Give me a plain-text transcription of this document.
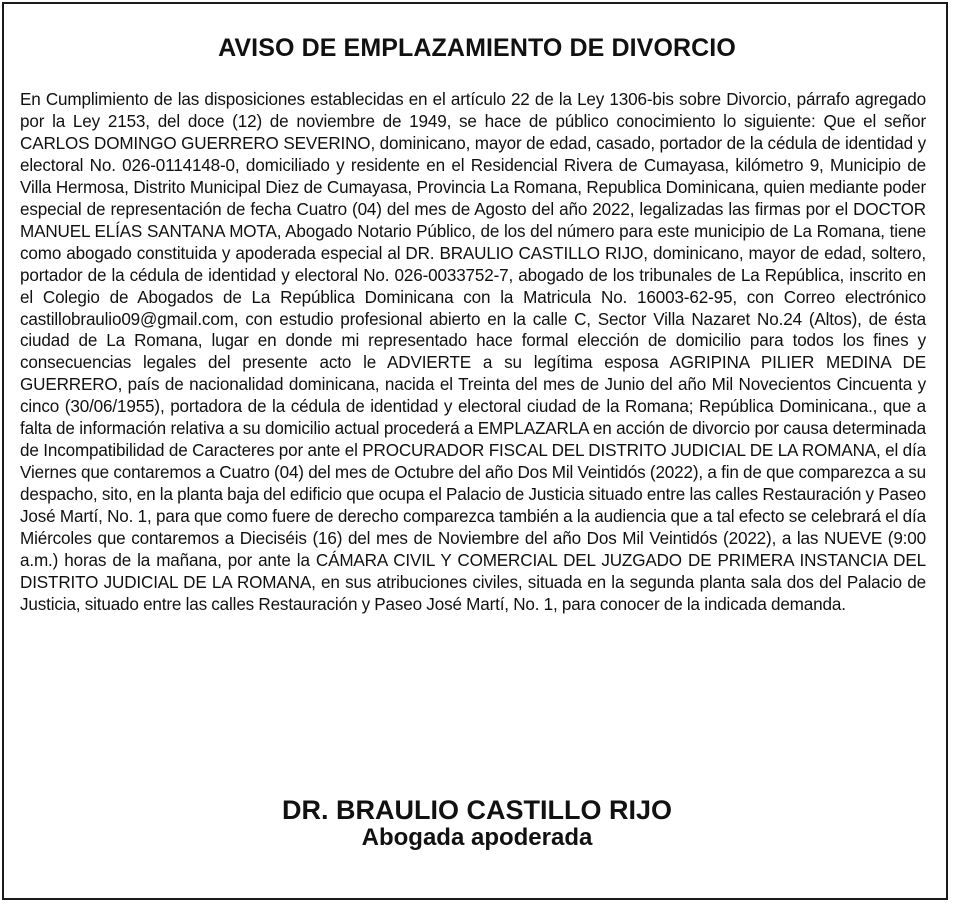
AVISO DE EMPLAZAMIENTO DE DIVORCIO

En Cumplimiento de las disposiciones establecidas en el artículo 22 de la Ley 1306-bis sobre Divorcio, párrafo agregado por la Ley 2153, del doce (12) de noviembre de 1949, se hace de público conocimiento lo siguiente: Que el señor CARLOS DOMINGO GUERRERO SEVERINO, dominicano, mayor de edad, casado, portador de la cédula de identidad y electoral No. 026-0114148-0, domiciliado y residente en el Residencial Rivera de Cumayasa, kilómetro 9, Municipio de Villa Hermosa, Distrito Municipal Diez de Cumayasa, Provincia La Romana, Republica Dominicana, quien mediante poder especial de representación de fecha Cuatro (04) del mes de Agosto del año 2022, legalizadas las firmas por el DOCTOR MANUEL ELÍAS SANTANA MOTA, Abogado Notario Público, de los del número para este municipio de La Romana, tiene como abogado constituida y apoderada especial al DR. BRAULIO CASTILLO RIJO, dominicano, mayor de edad, soltero, portador de la cédula de identidad y electoral No. 026-0033752-7, abogado de los tribunales de La República, inscrito en el Colegio de Abogados de La República Dominicana con la Matricula No. 16003-62-95, con Correo electrónico castillobraulio09@gmail.com, con estudio profesional abierto en la calle C, Sector Villa Nazaret No.24 (Altos), de ésta ciudad de La Romana, lugar en donde mi representado hace formal elección de domicilio para todos los fines y consecuencias legales del presente acto le ADVIERTE a su legítima esposa AGRIPINA PILIER MEDINA DE GUERRERO, país de nacionalidad dominicana, nacida el Treinta del mes de Junio del año Mil Novecientos Cincuenta y cinco (30/06/1955), portadora de la cédula de identidad y electoral ciudad de la Romana; República Dominicana., que a falta de información relativa a su domicilio actual procederá a EMPLAZARLA en acción de divorcio por causa determinada de Incompatibilidad de Caracteres por ante el PROCURADOR FISCAL DEL DISTRITO JUDICIAL DE LA ROMANA, el día Viernes que contaremos a Cuatro (04) del mes de Octubre del año Dos Mil Veintidós (2022), a fin de que comparezca a su despacho, sito, en la planta baja del edificio que ocupa el Palacio de Justicia situado entre las calles Restauración y Paseo José Martí, No. 1, para que como fuere de derecho comparezca también a la audiencia que a tal efecto se celebrará el día Miércoles que contaremos a Dieciséis (16) del mes de Noviembre del año Dos Mil Veintidós (2022), a las NUEVE (9:00 a.m.) horas de la mañana, por ante la CÁMARA CIVIL Y COMERCIAL DEL JUZGADO DE PRIMERA INSTANCIA DEL DISTRITO JUDICIAL DE LA ROMANA, en sus atribuciones civiles, situada en la segunda planta sala dos del Palacio de Justicia, situado entre las calles Restauración y Paseo José Martí, No. 1, para conocer de la indicada demanda.

DR. BRAULIO CASTILLO RIJO
Abogada apoderada
